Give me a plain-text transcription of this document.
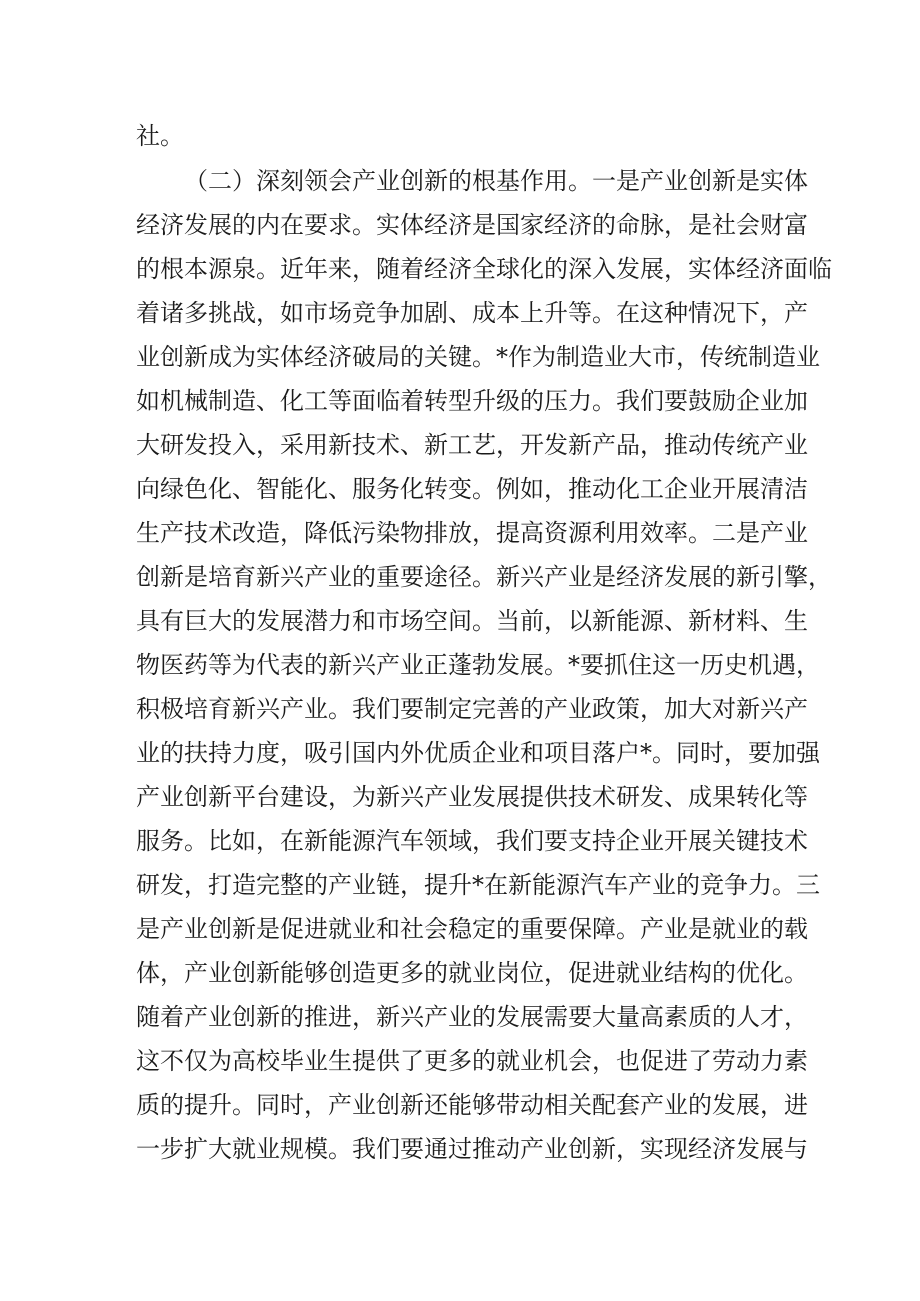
社。
（二）深刻领会产业创新的根基作用。一是产业创新是实体
经济发展的内在要求。实体经济是国家经济的命脉，是社会财富
的根本源泉。近年来，随着经济全球化的深入发展，实体经济面临
着诸多挑战，如市场竞争加剧、成本上升等。在这种情况下，产
业创新成为实体经济破局的关键。*作为制造业大市，传统制造业
如机械制造、化工等面临着转型升级的压力。我们要鼓励企业加
大研发投入，采用新技术、新工艺，开发新产品，推动传统产业
向绿色化、智能化、服务化转变。例如，推动化工企业开展清洁
生产技术改造，降低污染物排放，提高资源利用效率。二是产业
创新是培育新兴产业的重要途径。新兴产业是经济发展的新引擎，
具有巨大的发展潜力和市场空间。当前，以新能源、新材料、生
物医药等为代表的新兴产业正蓬勃发展。*要抓住这一历史机遇，
积极培育新兴产业。我们要制定完善的产业政策，加大对新兴产
业的扶持力度，吸引国内外优质企业和项目落户*。同时，要加强
产业创新平台建设，为新兴产业发展提供技术研发、成果转化等
服务。比如，在新能源汽车领域，我们要支持企业开展关键技术
研发，打造完整的产业链，提升*在新能源汽车产业的竞争力。三
是产业创新是促进就业和社会稳定的重要保障。产业是就业的载
体，产业创新能够创造更多的就业岗位，促进就业结构的优化。
随着产业创新的推进，新兴产业的发展需要大量高素质的人才，
这不仅为高校毕业生提供了更多的就业机会，也促进了劳动力素
质的提升。同时，产业创新还能够带动相关配套产业的发展，进
一步扩大就业规模。我们要通过推动产业创新，实现经济发展与
